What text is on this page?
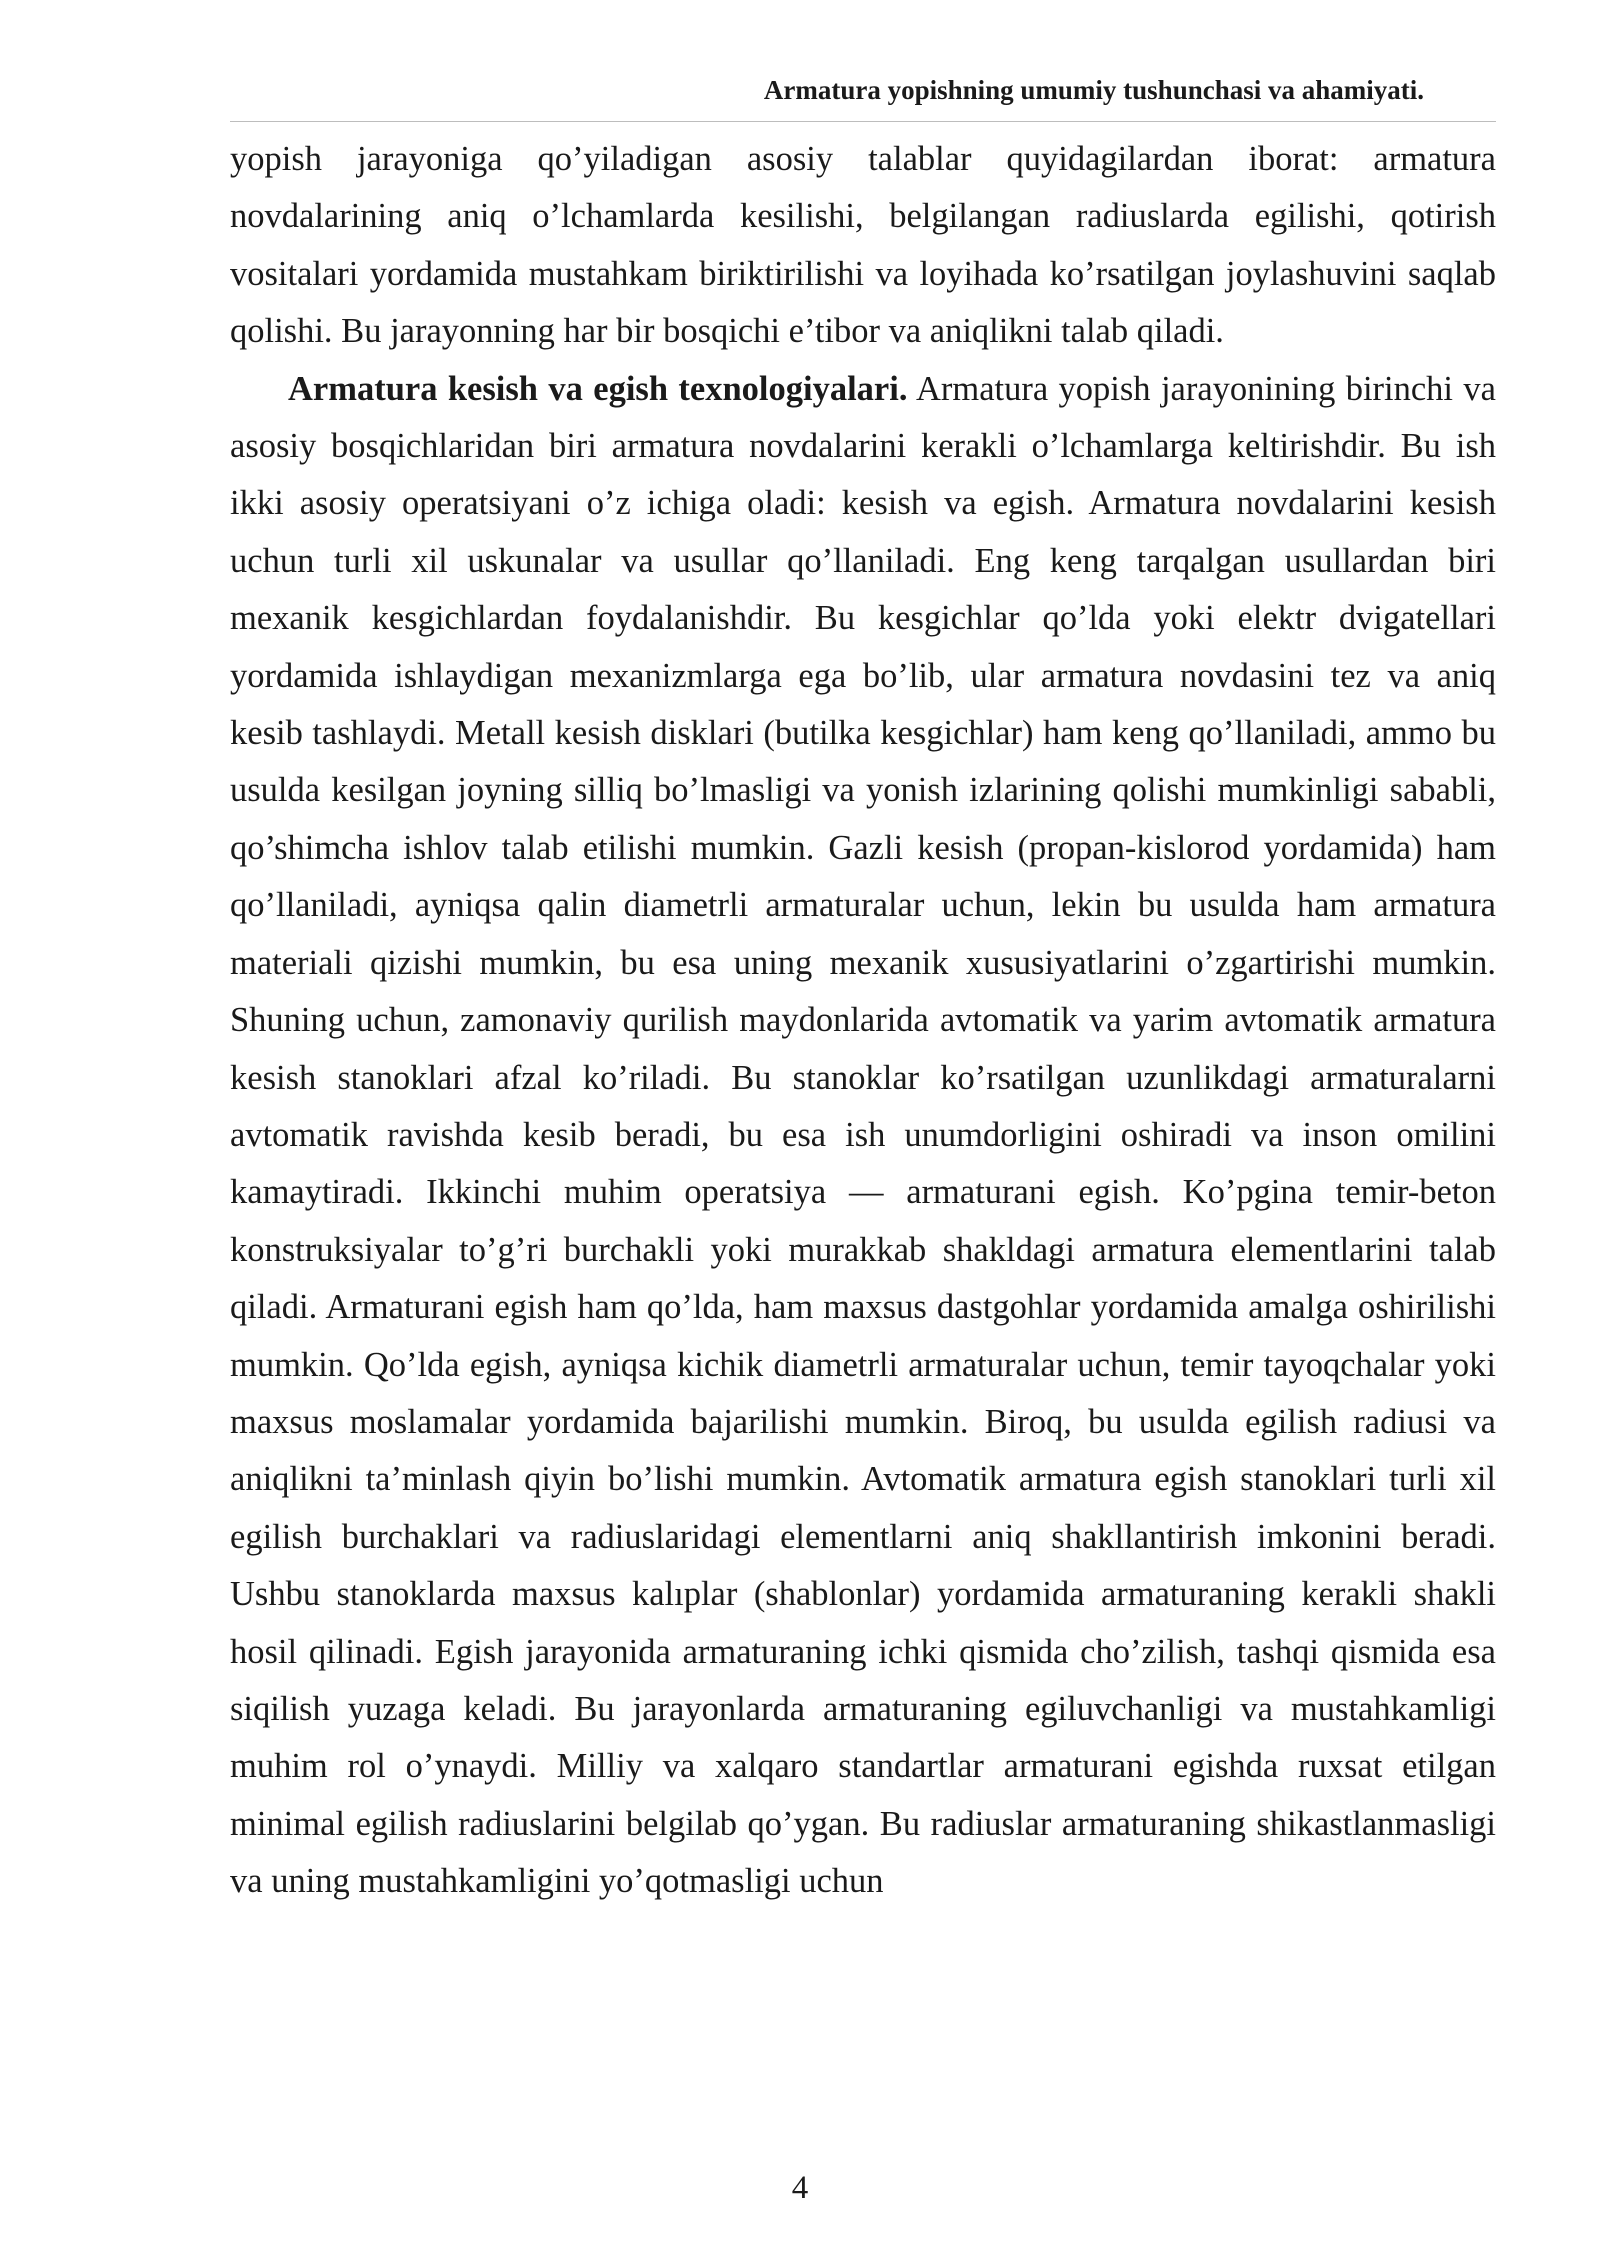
Armatura yopishning umumiy tushunchasi va ahamiyati.

yopish jarayoniga qo’yiladigan asosiy talablar quyidagilardan iborat: armatura novdalarining aniq o’lchamlarda kesilishi, belgilangan radiuslarda egilishi, qotirish vositalari yordamida mustahkam biriktirilishi va loyihada ko’rsatilgan joylashuvini saqlab qolishi. Bu jarayonning har bir bosqichi e’tibor va aniqlikni talab qiladi.

Armatura kesish va egish texnologiyalari. Armatura yopish jarayonining birinchi va asosiy bosqichlaridan biri armatura novdalarini kerakli o’lchamlarga keltirishdir. Bu ish ikki asosiy operatsiyani o’z ichiga oladi: kesish va egish. Armatura novdalarini kesish uchun turli xil uskunalar va usullar qo’llaniladi. Eng keng tarqalgan usullardan biri mexanik kesgichlardan foydalanishdir. Bu kesgichlar qo’lda yoki elektr dvigatellari yordamida ishlaydigan mexanizmlarga ega bo’lib, ular armatura novdasini tez va aniq kesib tashlaydi. Metall kesish disklari (butilka kesgichlar) ham keng qo’llaniladi, ammo bu usulda kesilgan joyning silliq bo’lmasligi va yonish izlarining qolishi mumkinligi sababli, qo’shimcha ishlov talab etilishi mumkin. Gazli kesish (propan-kislorod yordamida) ham qo’llaniladi, ayniqsa qalin diametrli armaturalar uchun, lekin bu usulda ham armatura materiali qizishi mumkin, bu esa uning mexanik xususiyatlarini o’zgartirishi mumkin. Shuning uchun, zamonaviy qurilish maydonlarida avtomatik va yarim avtomatik armatura kesish stanoklari afzal ko’riladi. Bu stanoklar ko’rsatilgan uzunlikdagi armaturalarni avtomatik ravishda kesib beradi, bu esa ish unumdorligini oshiradi va inson omilini kamaytiradi. Ikkinchi muhim operatsiya — armaturani egish. Ko’pgina temir-beton konstruksiyalar to’g’ri burchakli yoki murakkab shakldagi armatura elementlarini talab qiladi. Armaturani egish ham qo’lda, ham maxsus dastgohlar yordamida amalga oshirilishi mumkin. Qo’lda egish, ayniqsa kichik diametrli armaturalar uchun, temir tayoqchalar yoki maxsus moslamalar yordamida bajarilishi mumkin. Biroq, bu usulda egilish radiusi va aniqlikni ta’minlash qiyin bo’lishi mumkin. Avtomatik armatura egish stanoklari turli xil egilish burchaklari va radiuslaridagi elementlarni aniq shakllantirish imkonini beradi. Ushbu stanoklarda maxsus kalıplar (shablonlar) yordamida armaturaning kerakli shakli hosil qilinadi. Egish jarayonida armaturaning ichki qismida cho’zilish, tashqi qismida esa siqilish yuzaga keladi. Bu jarayonlarda armaturaning egiluvchanligi va mustahkamligi muhim rol o’ynaydi. Milliy va xalqaro standartlar armaturani egishda ruxsat etilgan minimal egilish radiuslarini belgilab qo’ygan. Bu radiuslar armaturaning shikastlanmasligi va uning mustahkamligini yo’qotmasligi uchun

4
